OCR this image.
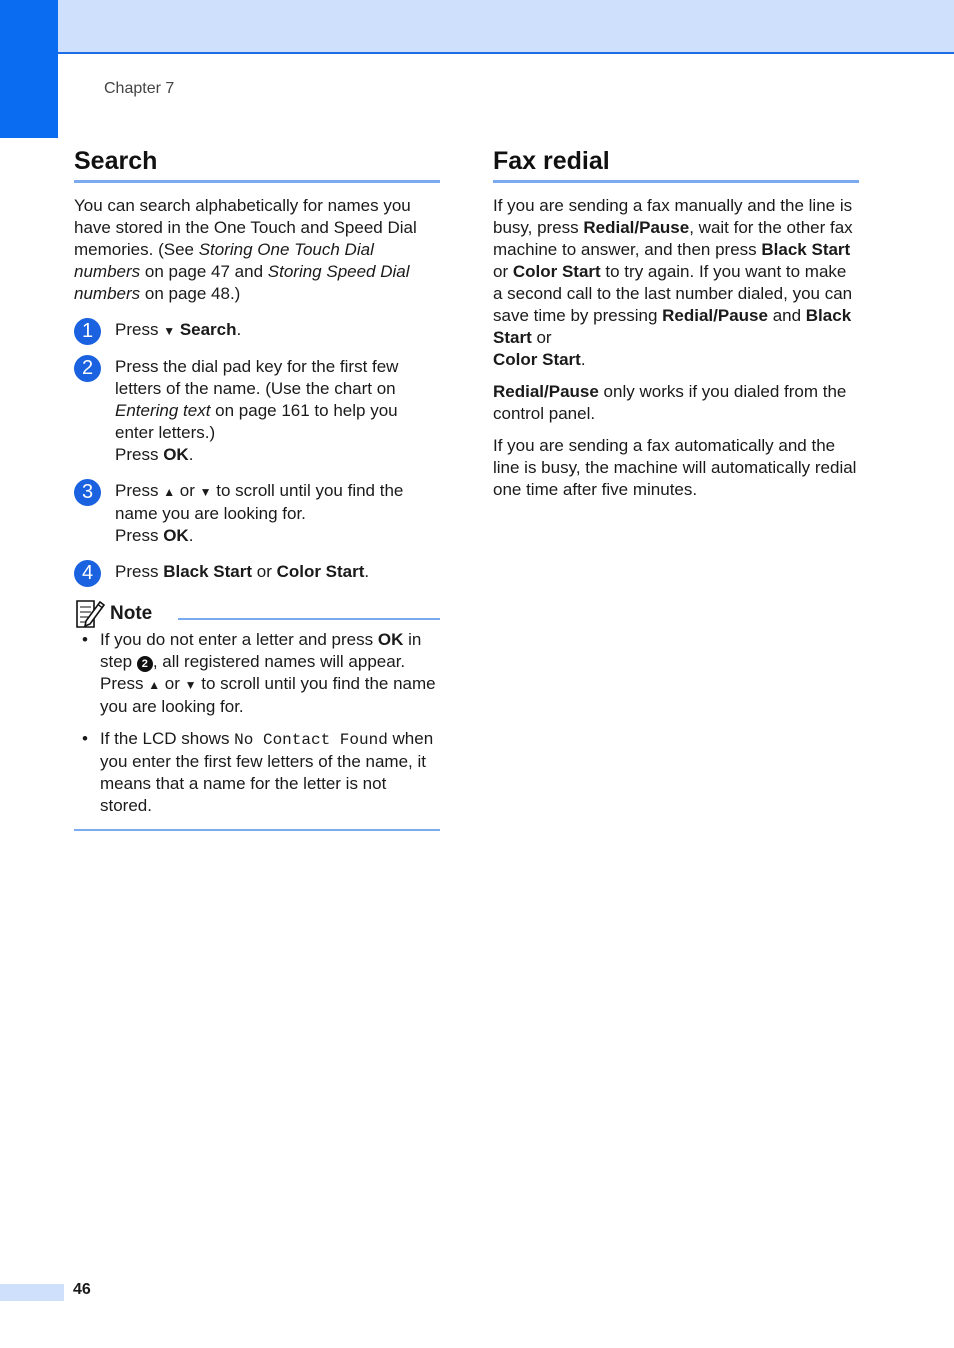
Chapter 7
Search

You can search alphabetically for names you have stored in the One Touch and Speed Dial memories. (See Storing One Touch Dial numbers on page 47 and Storing Speed Dial numbers on page 48.)

1	Press ▼ Search.
2	Press the dial pad key for the first few letters of the name. (Use the chart on Entering text on page 161 to help you enter letters.)
Press OK.
3	Press ▲ or ▼ to scroll until you find the name you are looking for.
Press OK.
4	Press Black Start or Color Start.
Note
• If you do not enter a letter and press OK in step 2 , all registered names will appear. Press ▲ or ▼ to scroll until you find the name you are looking for.
• If the LCD shows No Contact Found when you enter the first few letters of the name, it means that a name for the letter is not stored.
Fax redial

If you are sending a fax manually and the line is busy, press Redial/Pause, wait for the other fax machine to answer, and then press Black Start or Color Start to try again. If you want to make a second call to the last number dialed, you can save time by pressing Redial/Pause and Black Start or
Color Start.

Redial/Pause only works if you dialed from the control panel.

If you are sending a fax automatically and the line is busy, the machine will automatically redial one time after five minutes.

46
